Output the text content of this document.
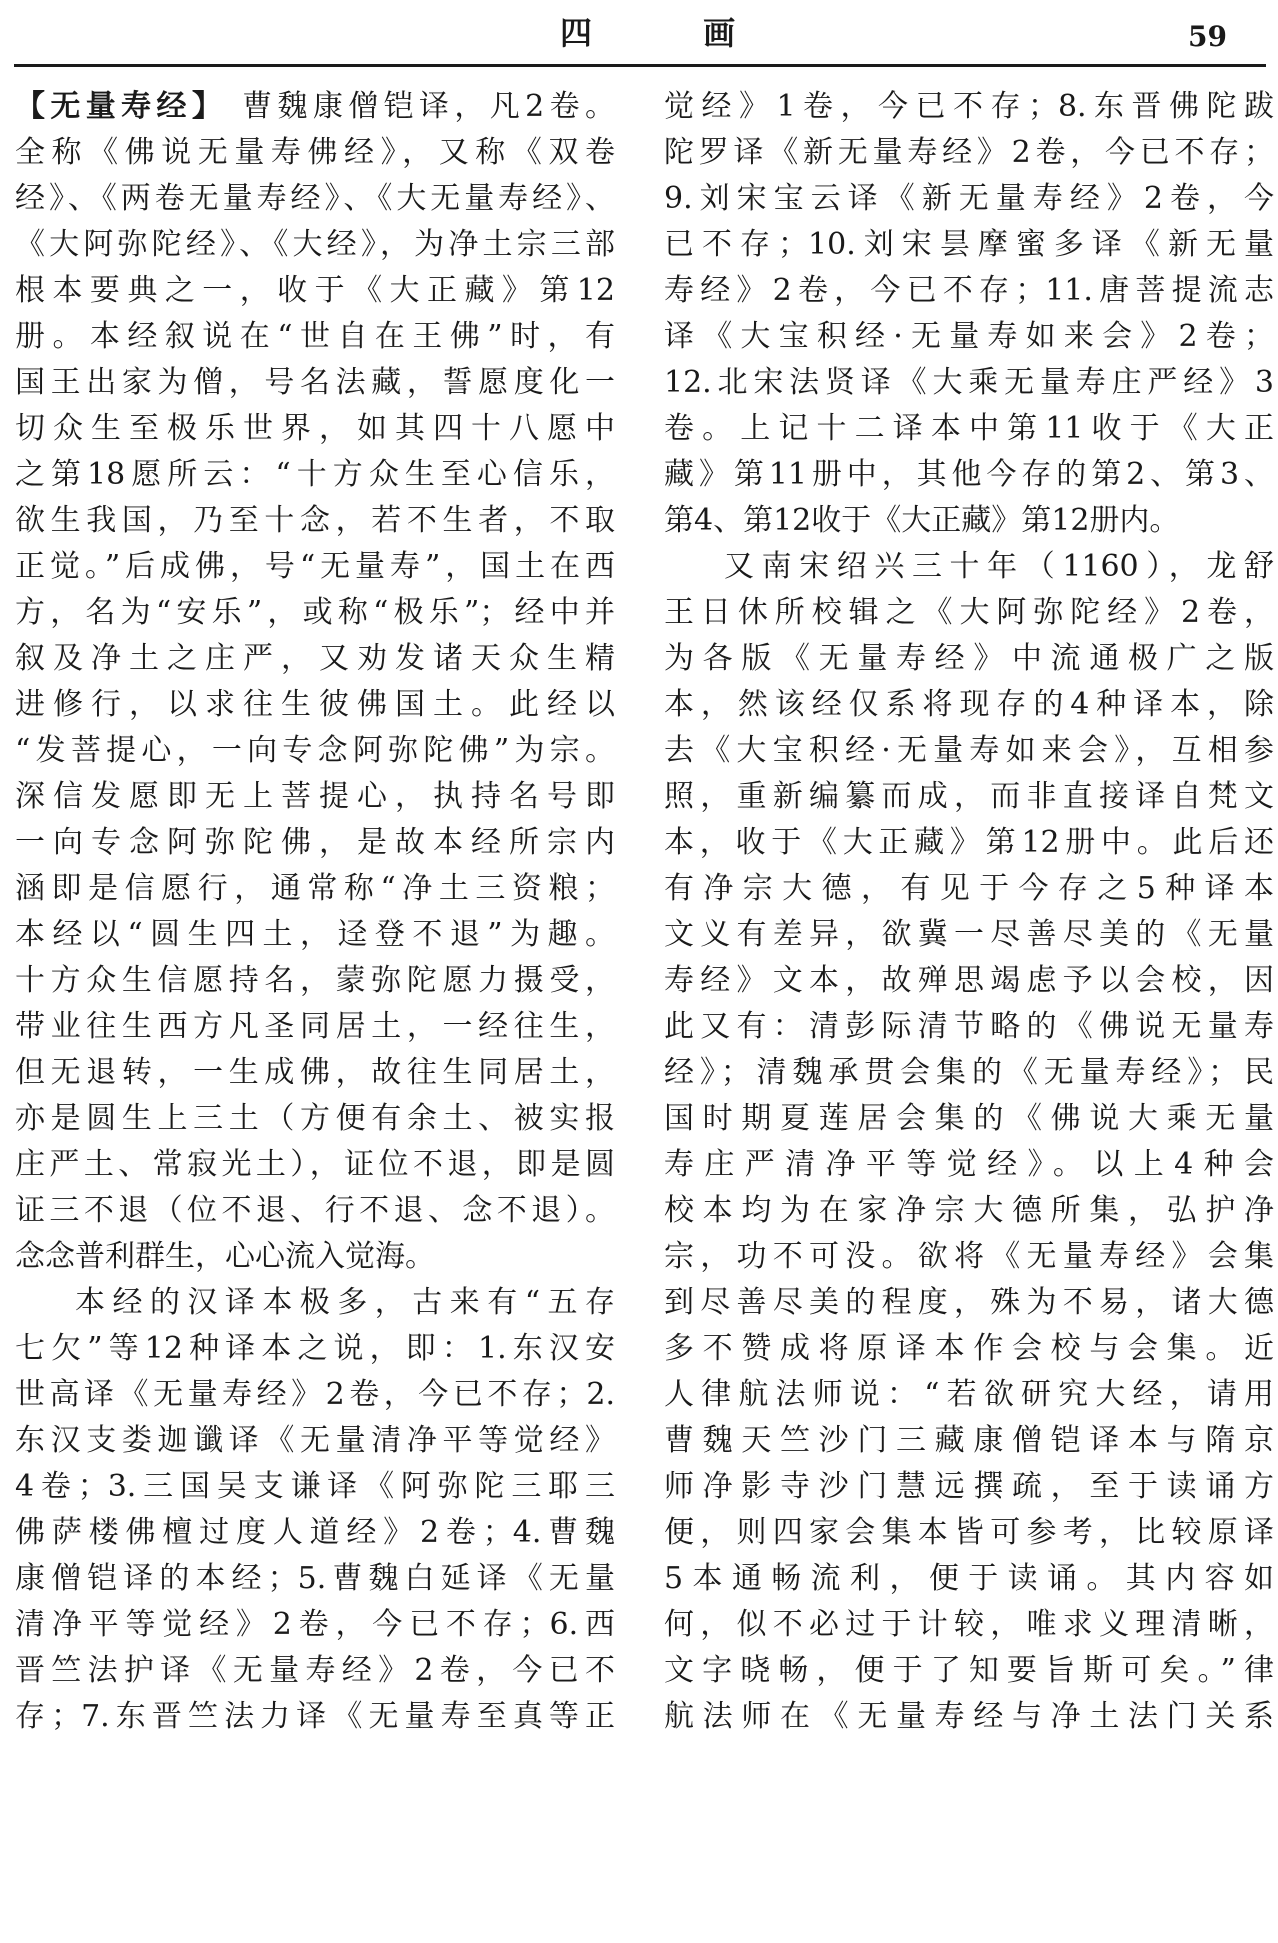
四 画	59
【无量寿经】 曹魏康僧铠译，凡2卷。
全称《佛说无量寿佛经》，又称《双卷
经》、《两卷无量寿经》、《大无量寿经》、
《大阿弥陀经》、《大经》，为净土宗三部
根本要典之一，收于《大正藏》第12
册。本经叙说在“世自在王佛”时，有
国王出家为僧，号名法藏，誓愿度化一
切众生至极乐世界，如其四十八愿中
之第18愿所云：“十方众生至心信乐，
欲生我国，乃至十念，若不生者，不取
正觉。”后成佛，号“无量寿”，国土在西
方，名为“安乐”，或称“极乐”；经中并
叙及净土之庄严，又劝发诸天众生精
进修行，以求往生彼佛国土。此经以
“发菩提心，一向专念阿弥陀佛”为宗。
深信发愿即无上菩提心，执持名号即
一向专念阿弥陀佛，是故本经所宗内
涵即是信愿行，通常称“净土三资粮；
本经以“圆生四土，迳登不退”为趣。
十方众生信愿持名，蒙弥陀愿力摄受，
带业往生西方凡圣同居土，一经往生，
但无退转，一生成佛，故往生同居土，
亦是圆生上三土（方便有余土、被实报
庄严土、常寂光土），证位不退，即是圆
证三不退（位不退、行不退、念不退）。
念念普利群生，心心流入觉海。
本经的汉译本极多，古来有“五存
七欠”等12种译本之说，即：1.东汉安
世高译《无量寿经》2卷，今已不存；2.
东汉支娄迦谶译《无量清净平等觉经》
4卷；3.三国吴支谦译《阿弥陀三耶三
佛萨楼佛檀过度人道经》2卷；4.曹魏
康僧铠译的本经；5.曹魏白延译《无量
清净平等觉经》2卷，今已不存；6.西
晋竺法护译《无量寿经》2卷，今已不
存；7.东晋竺法力译《无量寿至真等正
觉经》1卷，今已不存；8.东晋佛陀跋
陀罗译《新无量寿经》2卷，今已不存；
9.刘宋宝云译《新无量寿经》2卷，今
已不存；10.刘宋昙摩蜜多译《新无量
寿经》2卷，今已不存；11.唐菩提流志
译《大宝积经·无量寿如来会》2卷；
12.北宋法贤译《大乘无量寿庄严经》3
卷。上记十二译本中第11收于《大正
藏》第11册中，其他今存的第2、第3、
第4、第12收于《大正藏》第12册内。
又南宋绍兴三十年（1160），龙舒
王日休所校辑之《大阿弥陀经》2卷，
为各版《无量寿经》中流通极广之版
本，然该经仅系将现存的4种译本，除
去《大宝积经·无量寿如来会》，互相参
照，重新编纂而成，而非直接译自梵文
本，收于《大正藏》第12册中。此后还
有净宗大德，有见于今存之5种译本
文义有差异，欲冀一尽善尽美的《无量
寿经》文本，故殚思竭虑予以会校，因
此又有：清彭际清节略的《佛说无量寿
经》；清魏承贯会集的《无量寿经》；民
国时期夏莲居会集的《佛说大乘无量
寿庄严清净平等觉经》。以上4种会
校本均为在家净宗大德所集，弘护净
宗，功不可没。欲将《无量寿经》会集
到尽善尽美的程度，殊为不易，诸大德
多不赞成将原译本作会校与会集。近
人律航法师说：“若欲研究大经，请用
曹魏天竺沙门三藏康僧铠译本与隋京
师净影寺沙门慧远撰疏，至于读诵方
便，则四家会集本皆可参考，比较原译
5本通畅流利，便于读诵。其内容如
何，似不必过于计较，唯求义理清晰，
文字晓畅，便于了知要旨斯可矣。”律
航法师在《无量寿经与净土法门关系
